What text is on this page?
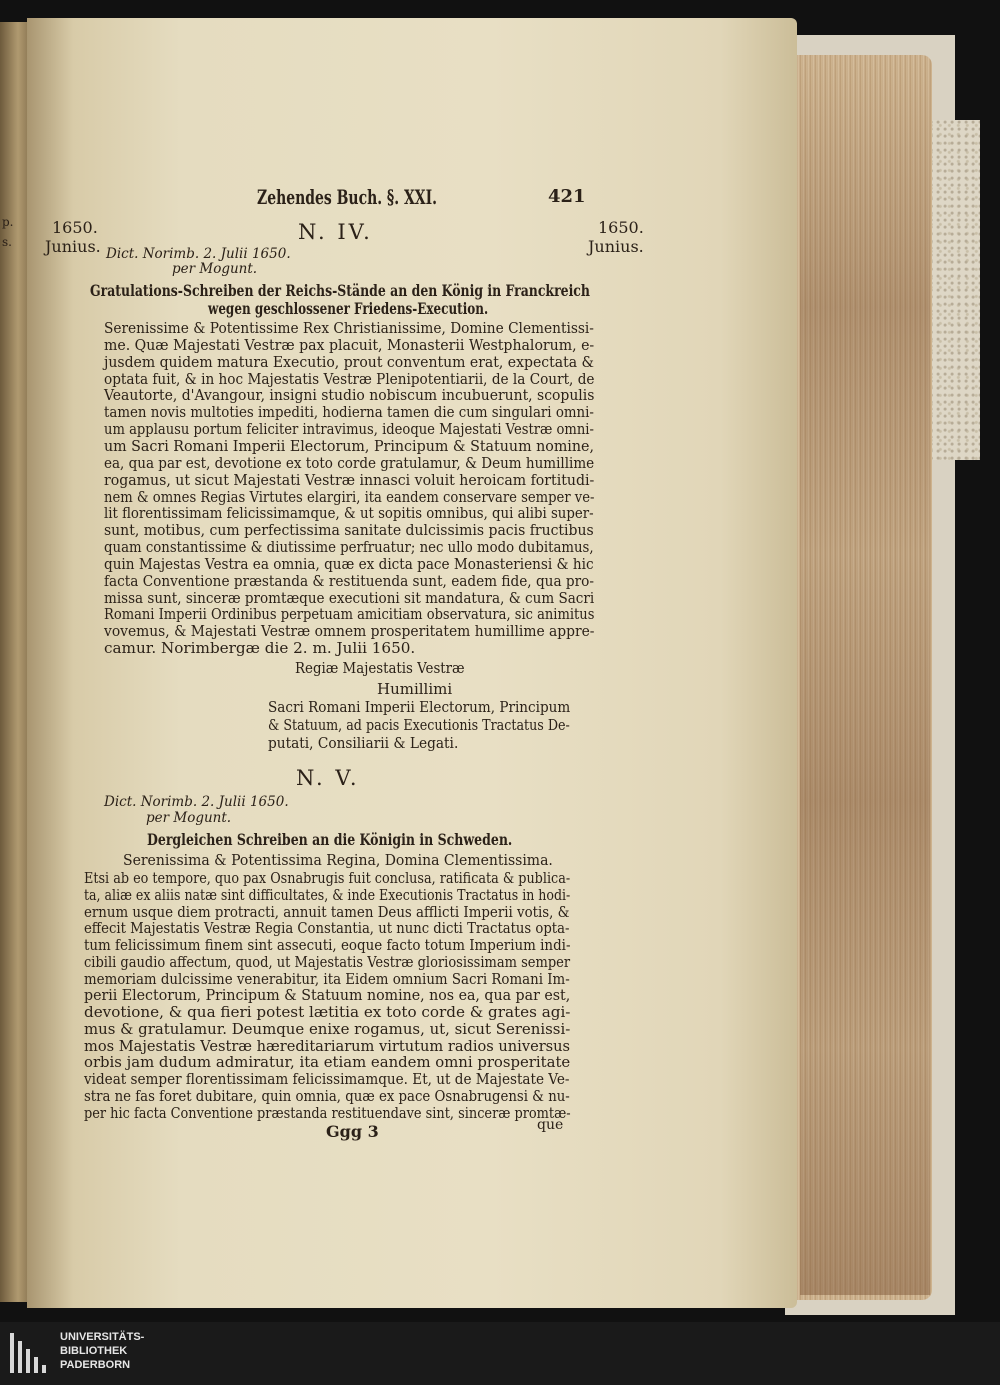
p.
s.
Zehendes Buch. §. XXI.	421
1650.
Junius.
1650.
Junius.
N. IV.
Dict. Norimb. 2. Julii 1650.
per Mogunt.
Gratulations-Schreiben der Reichs-Stände an den König in Franckreich
wegen geschlossener Friedens-Execution.
Serenissime & Potentissime Rex Christianissime, Domine Clementissi-
me. Quæ Majestati Vestræ pax placuit, Monasterii Westphalorum, e-
jusdem quidem matura Executio, prout conventum erat, expectata &
optata fuit, & in hoc Majestatis Vestræ Plenipotentiarii, de la Court, de
Veautorte, d'Avangour, insigni studio nobiscum incubuerunt, scopulis
tamen novis multoties impediti, hodierna tamen die cum singulari omni-
um applausu portum feliciter intravimus, ideoque Majestati Vestræ omni-
um Sacri Romani Imperii Electorum, Principum & Statuum nomine,
ea, qua par est, devotione ex toto corde gratulamur, & Deum humillime
rogamus, ut sicut Majestati Vestræ innasci voluit heroicam fortitudi-
nem & omnes Regias Virtutes elargiri, ita eandem conservare semper ve-
lit florentissimam felicissimamque, & ut sopitis omnibus, qui alibi super-
sunt, motibus, cum perfectissima sanitate dulcissimis pacis fructibus
quam constantissime & diutissime perfruatur; nec ullo modo dubitamus,
quin Majestas Vestra ea omnia, quæ ex dicta pace Monasteriensi & hic
facta Conventione præstanda & restituenda sunt, eadem fide, qua pro-
missa sunt, sinceræ promtæque executioni sit mandatura, & cum Sacri
Romani Imperii Ordinibus perpetuam amicitiam observatura, sic animitus
vovemus, & Majestati Vestræ omnem prosperitatem humillime appre-
camur. Norimbergæ die 2. m. Julii 1650.
Regiæ Majestatis Vestræ
Humillimi
Sacri Romani Imperii Electorum, Principum
& Statuum, ad pacis Executionis Tractatus De-
putati, Consiliarii & Legati.
N. V.
Dict. Norimb. 2. Julii 1650.
per Mogunt.
Dergleichen Schreiben an die Königin in Schweden.
Serenissima & Potentissima Regina, Domina Clementissima.
Etsi ab eo tempore, quo pax Osnabrugis fuit conclusa, ratificata & publica-
ta, aliæ ex aliis natæ sint difficultates, & inde Executionis Tractatus in hodi-
ernum usque diem protracti, annuit tamen Deus afflicti Imperii votis, &
effecit Majestatis Vestræ Regia Constantia, ut nunc dicti Tractatus opta-
tum felicissimum finem sint assecuti, eoque facto totum Imperium indi-
cibili gaudio affectum, quod, ut Majestatis Vestræ gloriosissimam semper
memoriam dulcissime venerabitur, ita Eidem omnium Sacri Romani Im-
perii Electorum, Principum & Statuum nomine, nos ea, qua par est,
devotione, & qua fieri potest lætitia ex toto corde & grates agi-
mus & gratulamur. Deumque enixe rogamus, ut, sicut Serenissi-
mos Majestatis Vestræ hæreditariarum virtutum radios universus
orbis jam dudum admiratur, ita etiam eandem omni prosperitate
videat semper florentissimam felicissimamque. Et, ut de Majestate Ve-
stra ne fas foret dubitare, quin omnia, quæ ex pace Osnabrugensi & nu-
per hic facta Conventione præstanda restituendave sint, sinceræ promtæ-
Ggg 3	que
UNIVERSITÄTS-
BIBLIOTHEK
PADERBORN
